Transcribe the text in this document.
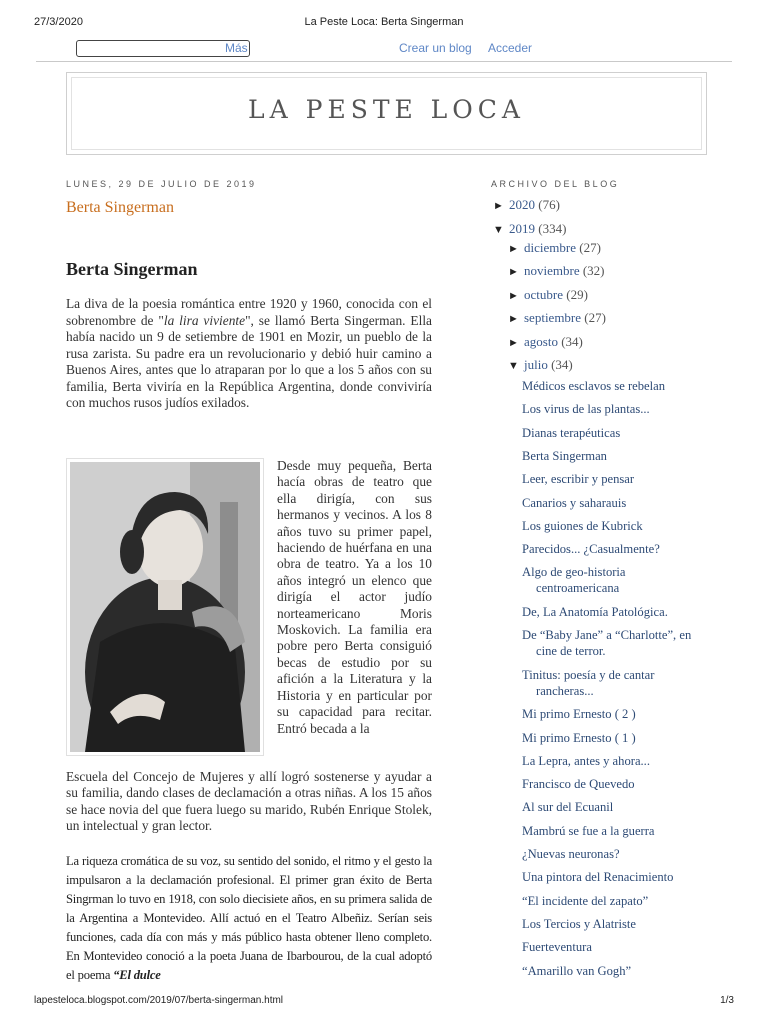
27/3/2020	La Peste Loca: Berta Singerman
Más	Crear un blog Acceder
LA PESTE LOCA
LUNES, 29 DE JULIO DE 2019
Berta Singerman
Berta Singerman
La diva de la poesia romántica entre 1920 y 1960, conocida con el sobrenombre de "la lira viviente", se llamó Berta Singerman. Ella había nacido un 9 de setiembre de 1901 en Mozir, un pueblo de la rusa zarista. Su padre era un revolucionario y debió huir camino a Buenos Aires, antes que lo atraparan por lo que a los 5 años con su familia, Berta viviría en la República Argentina, donde conviviría con muchos rusos judíos exilados.
Desde muy pequeña, Berta hacía obras de teatro que ella dirigía, con sus hermanos y vecinos. A los 8 años tuvo su primer papel, haciendo de huérfana en una obra de teatro. Ya a los 10 años integró un elenco que dirigía el actor judío norteamericano Moris Moskovich. La familia era pobre pero Berta consiguió becas de estudio por su afición a la Literatura y la Historia y en particular por su capacidad para recitar. Entró becada a la
Escuela del Concejo de Mujeres y allí logró sostenerse y ayudar a su familia, dando clases de declamación a otras niñas. A los 15 años se hace novia del que fuera luego su marido, Rubén Enrique Stolek, un intelectual y gran lector.
La riqueza cromática de su voz, su sentido del sonido, el ritmo y el gesto la impulsaron a la declamación profesional. El primer gran éxito de Berta Singrman lo tuvo en 1918, con solo diecisiete años, en su primera salida de la Argentina a Montevideo. Allí actuó en el Teatro Albeñiz. Serían seis funciones, cada día con más y más público hasta obtener lleno completo. En Montevideo conoció a la poeta Juana de Ibarbourou, de la cual adoptó el poema “El dulce
ARCHIVO DEL BLOG
► 2020 (76)
▼ 2019 (334)
► diciembre (27)
► noviembre (32)
► octubre (29)
► septiembre (27)
► agosto (34)
▼ julio (34)
Médicos esclavos se rebelan
Los virus de las plantas...
Dianas terapéuticas
Berta Singerman
Leer, escribir y pensar
Canarios y saharauis
Los guiones de Kubrick
Parecidos... ¿Casualmente?
Algo de geo-historia
centroamericana
De, La Anatomía Patológica.
De “Baby Jane” a “Charlotte”, en
cine de terror.
Tinitus: poesía y de cantar
rancheras...
Mi primo Ernesto ( 2 )
Mi primo Ernesto ( 1 )
La Lepra, antes y ahora...
Francisco de Quevedo
Al sur del Ecuanil
Mambrú se fue a la guerra
¿Nuevas neuronas?
Una pintora del Renacimiento
“El incidente del zapato”
Los Tercios y Alatriste
Fuerteventura
“Amarillo van Gogh”
lapesteloca.blogspot.com/2019/07/berta-singerman.html	1/3
